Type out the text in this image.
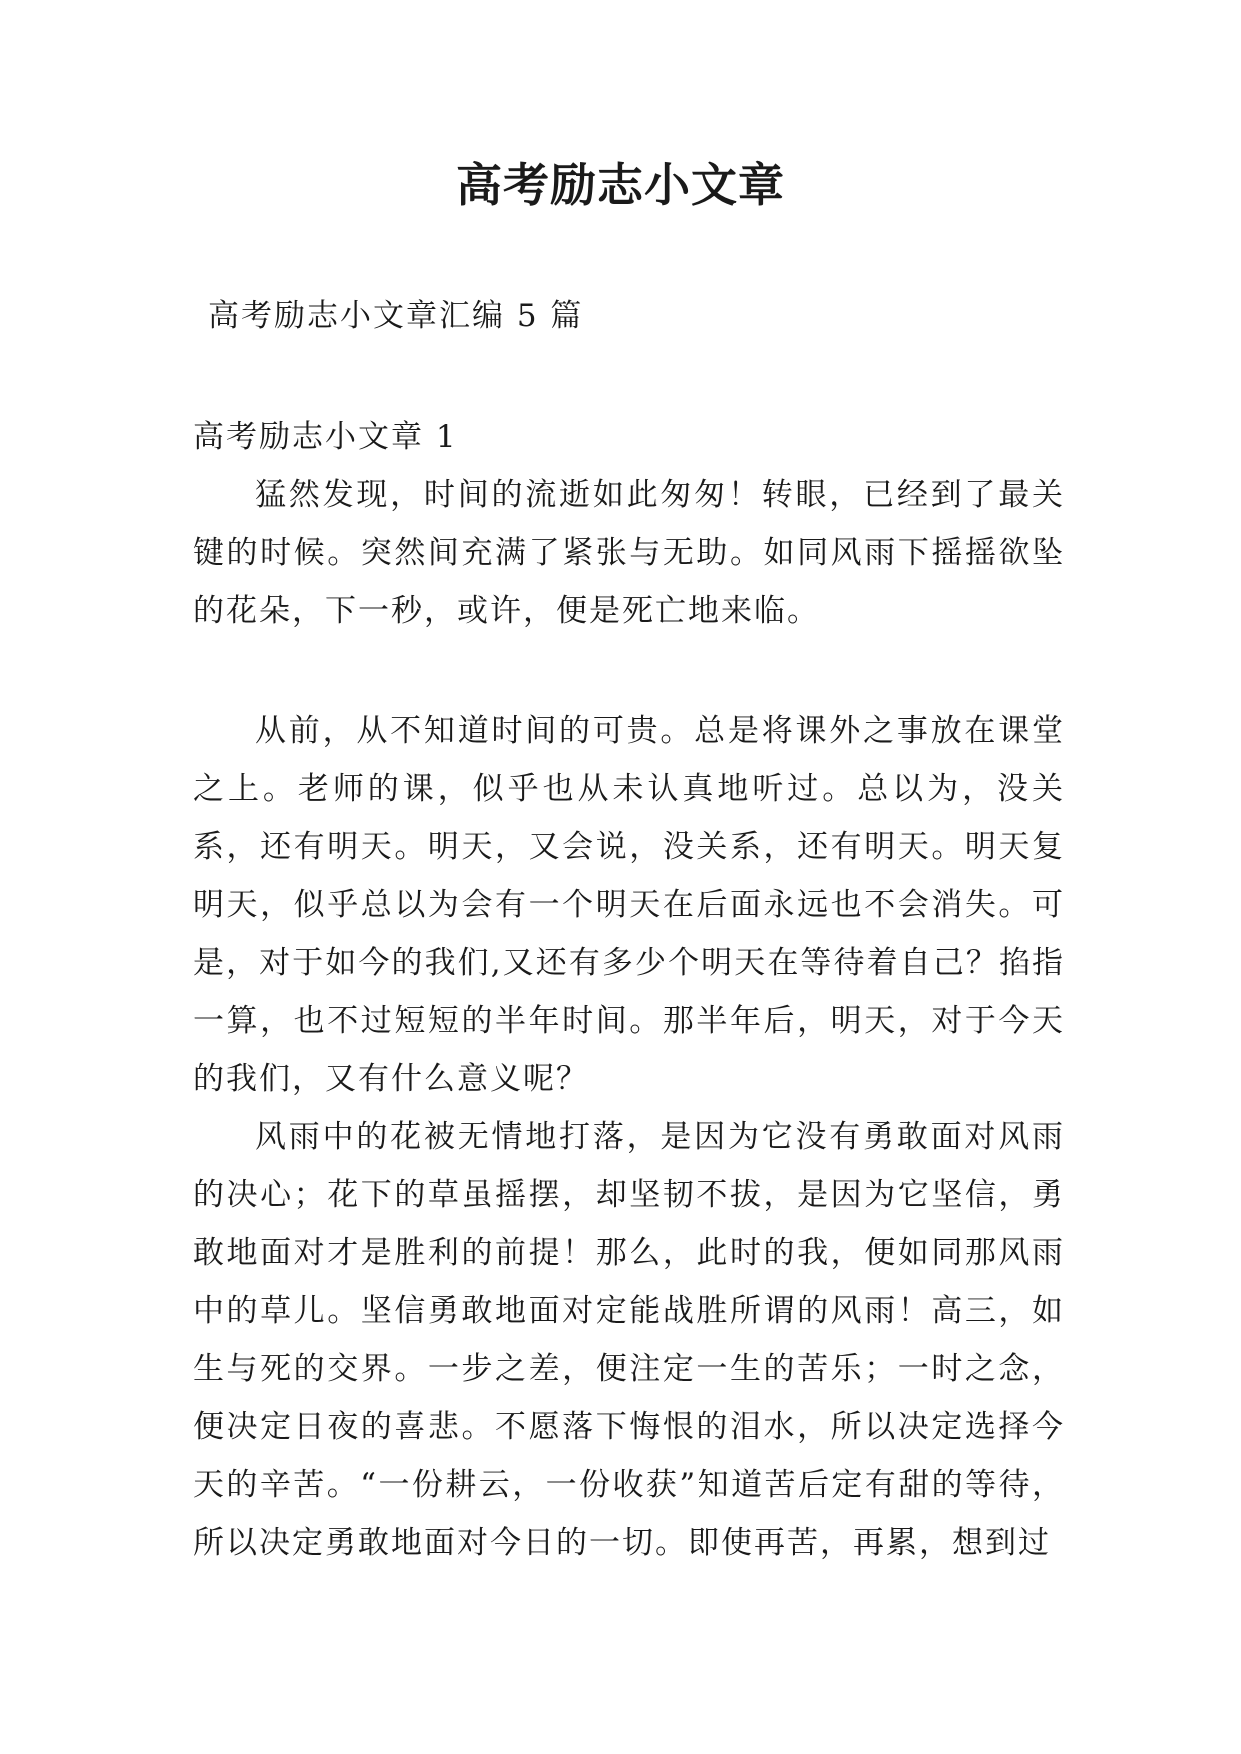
高考励志小文章

高考励志小文章汇编 5 篇

高考励志小文章 1

猛然发现，时间的流逝如此匆匆！转眼，已经到了最关键的时候。突然间充满了紧张与无助。如同风雨下摇摇欲坠的花朵，下一秒，或许，便是死亡地来临。

从前，从不知道时间的可贵。总是将课外之事放在课堂之上。老师的课，似乎也从未认真地听过。总以为，没关系，还有明天。明天，又会说，没关系，还有明天。明天复明天，似乎总以为会有一个明天在后面永远也不会消失。可是，对于如今的我们,又还有多少个明天在等待着自己？掐指一算，也不过短短的半年时间。那半年后，明天，对于今天的我们，又有什么意义呢？

风雨中的花被无情地打落，是因为它没有勇敢面对风雨的决心；花下的草虽摇摆，却坚韧不拔，是因为它坚信，勇敢地面对才是胜利的前提！那么，此时的我，便如同那风雨中的草儿。坚信勇敢地面对定能战胜所谓的风雨！高三，如生与死的交界。一步之差，便注定一生的苦乐；一时之念，便决定日夜的喜悲。不愿落下悔恨的泪水，所以决定选择今天的辛苦。“一份耕云，一份收获”知道苦后定有甜的等待，所以决定勇敢地面对今日的一切。即使再苦，再累，想到过
